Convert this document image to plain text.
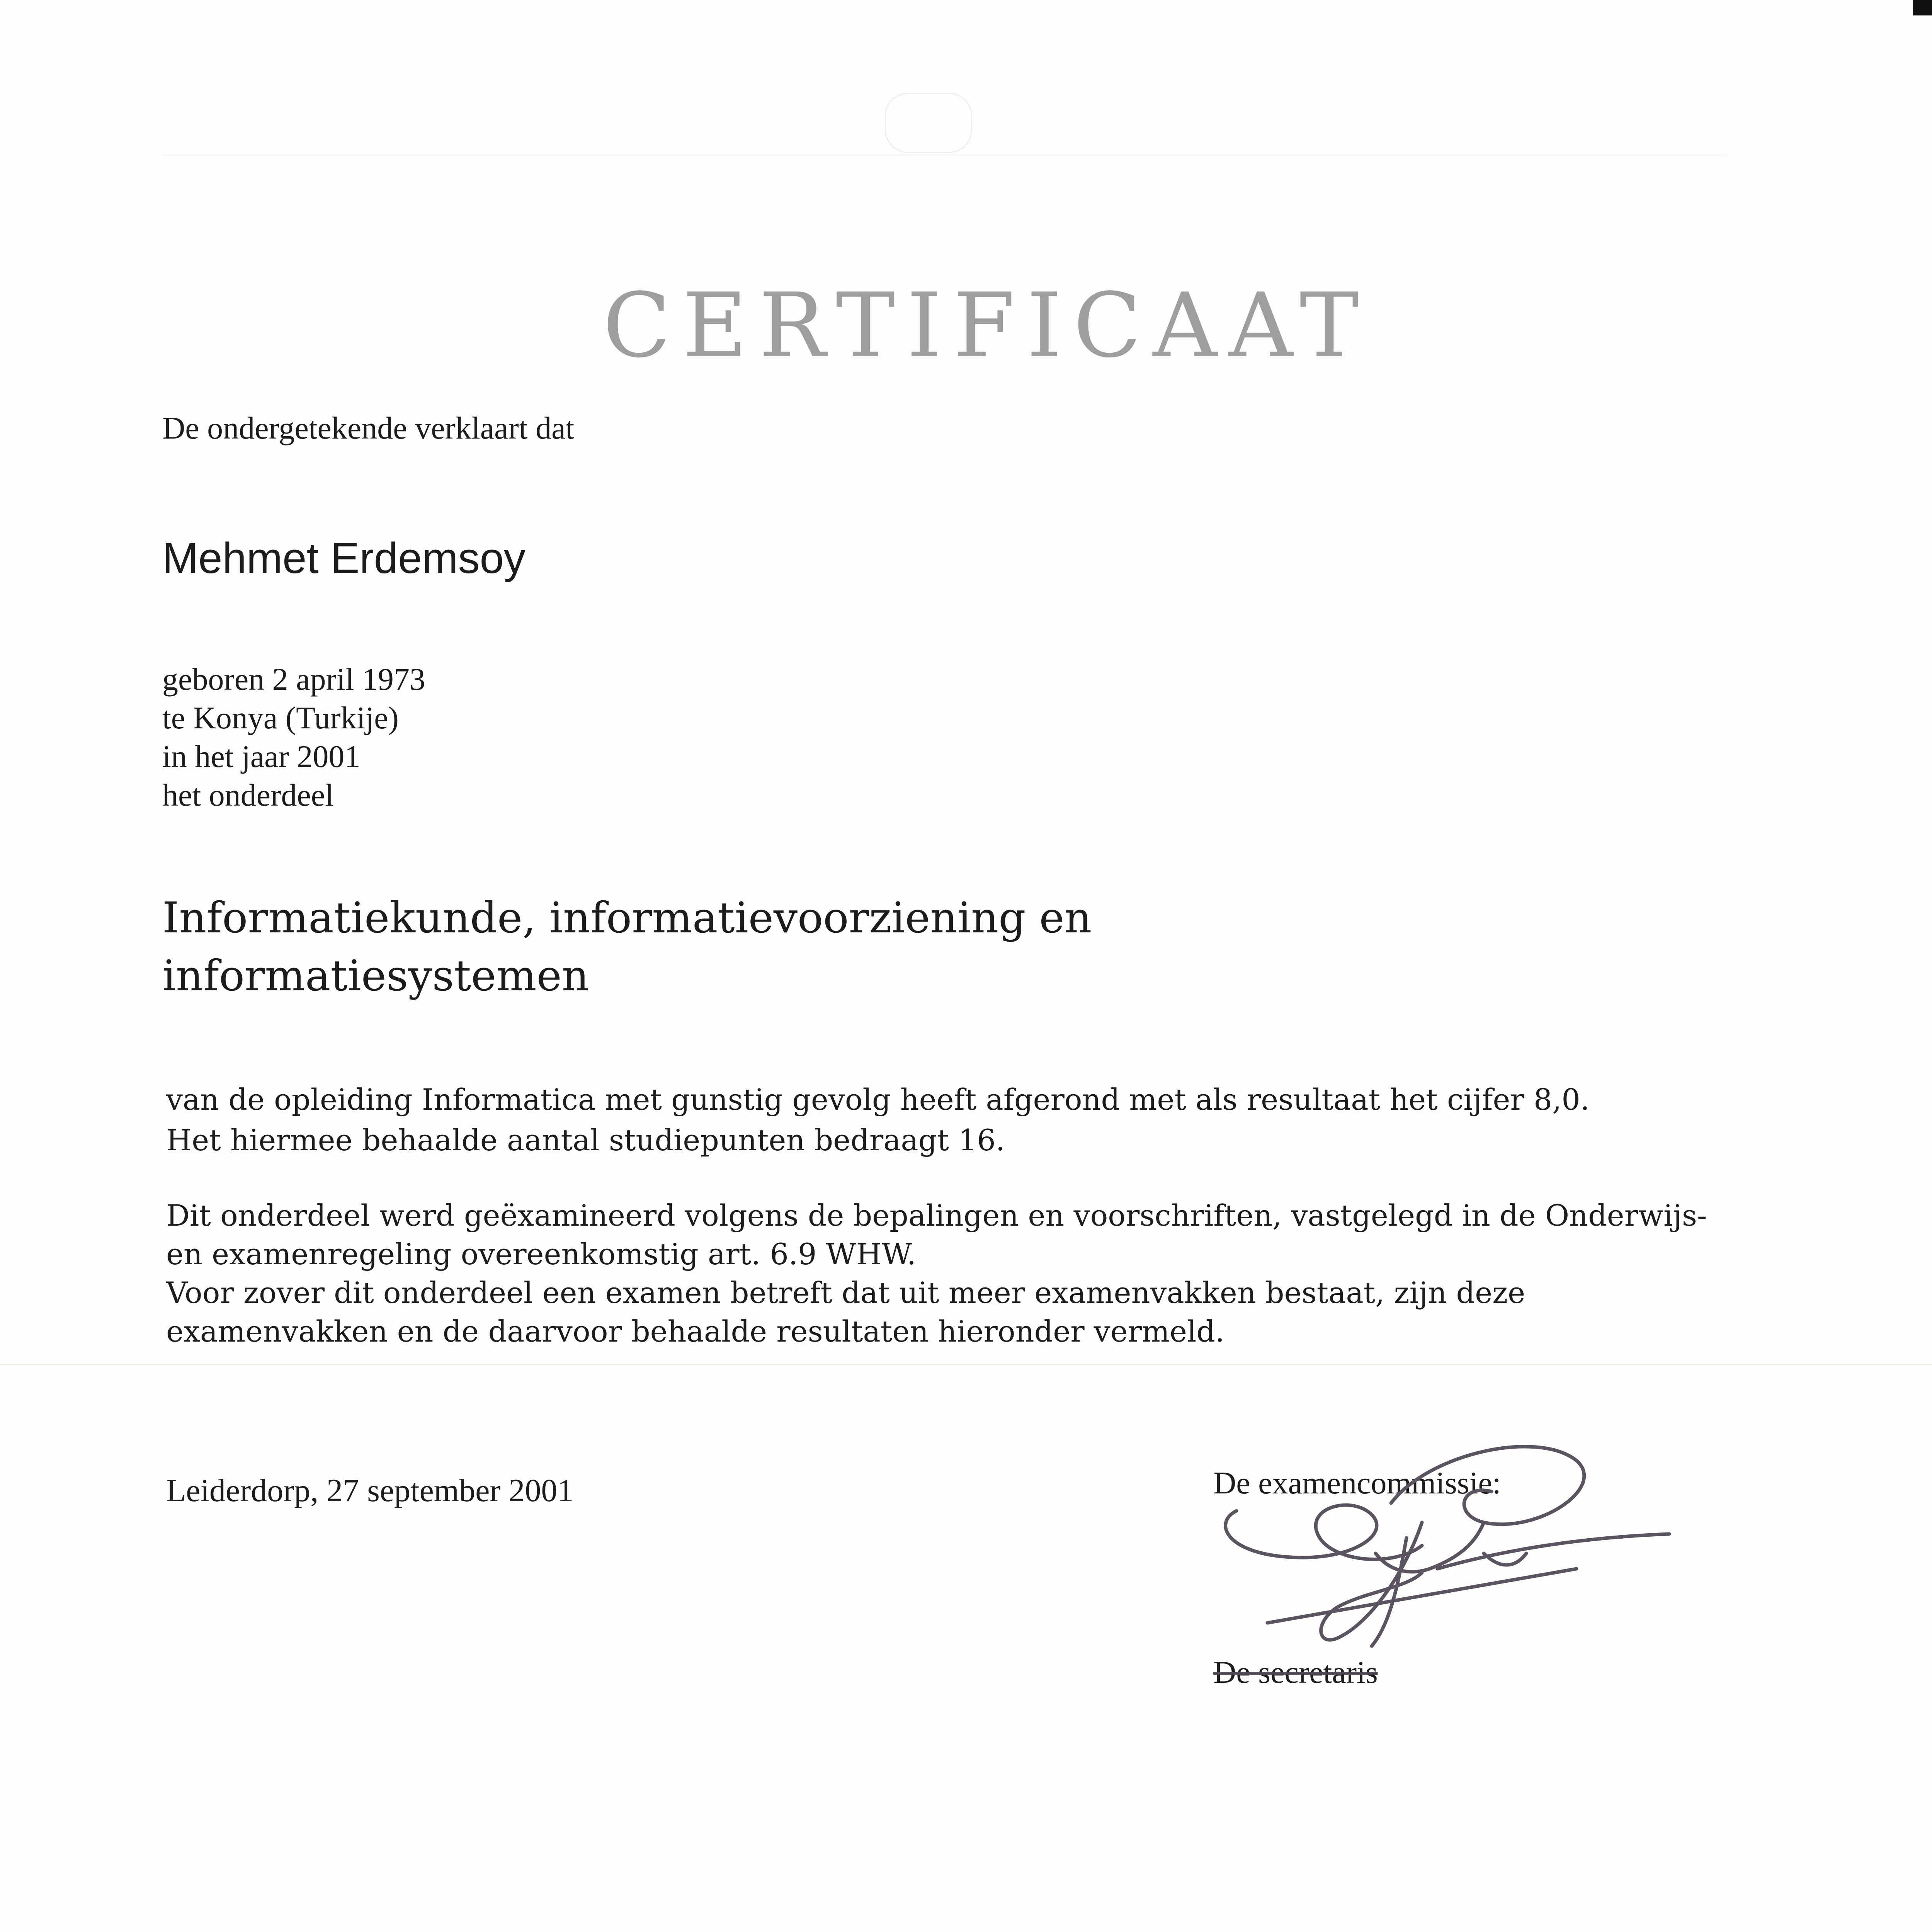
CERTIFICAAT
De ondergetekende verklaart dat
Mehmet Erdemsoy
geboren 2 april 1973
te Konya (Turkije)
in het jaar 2001
het onderdeel
Informatiekunde, informatievoorziening en
informatiesystemen
van de opleiding Informatica met gunstig gevolg heeft afgerond met als resultaat het cijfer 8,0.
Het hiermee behaalde aantal studiepunten bedraagt 16.
Dit onderdeel werd geëxamineerd volgens de bepalingen en voorschriften, vastgelegd in de Onderwijs-
en examenregeling overeenkomstig art. 6.9 WHW.
Voor zover dit onderdeel een examen betreft dat uit meer examenvakken bestaat, zijn deze
examenvakken en de daarvoor behaalde resultaten hieronder vermeld.
Leiderdorp, 27 september 2001	De examencommissie:
De secretaris
